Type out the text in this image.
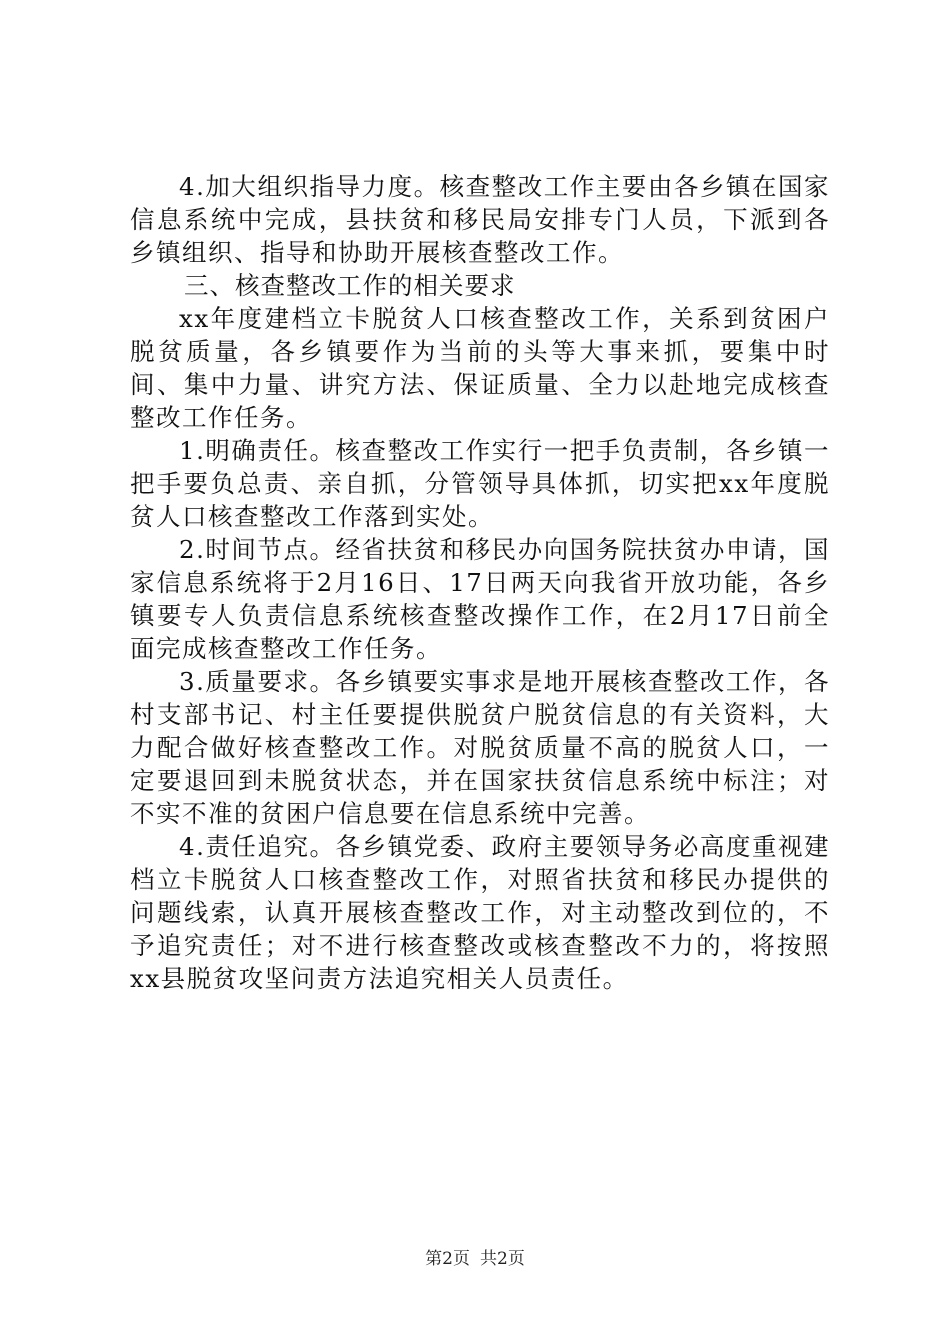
4.加大组织指导力度。核查整改工作主要由各乡镇在国家信息系统中完成，县扶贫和移民局安排专门人员，下派到各乡镇组织、指导和协助开展核查整改工作。

三、核查整改工作的相关要求

xx年度建档立卡脱贫人口核查整改工作，关系到贫困户脱贫质量，各乡镇要作为当前的头等大事来抓，要集中时间、集中力量、讲究方法、保证质量、全力以赴地完成核查整改工作任务。

1.明确责任。核查整改工作实行一把手负责制，各乡镇一把手要负总责、亲自抓，分管领导具体抓，切实把xx年度脱贫人口核查整改工作落到实处。

2.时间节点。经省扶贫和移民办向国务院扶贫办申请，国家信息系统将于2月16日、17日两天向我省开放功能，各乡镇要专人负责信息系统核查整改操作工作，在2月17日前全面完成核查整改工作任务。

3.质量要求。各乡镇要实事求是地开展核查整改工作，各村支部书记、村主任要提供脱贫户脱贫信息的有关资料，大力配合做好核查整改工作。对脱贫质量不高的脱贫人口，一定要退回到未脱贫状态，并在国家扶贫信息系统中标注；对不实不准的贫困户信息要在信息系统中完善。

4.责任追究。各乡镇党委、政府主要领导务必高度重视建档立卡脱贫人口核查整改工作，对照省扶贫和移民办提供的问题线索，认真开展核查整改工作，对主动整改到位的，不予追究责任；对不进行核查整改或核查整改不力的，将按照xx县脱贫攻坚问责方法追究相关人员责任。

第2页 共2页
